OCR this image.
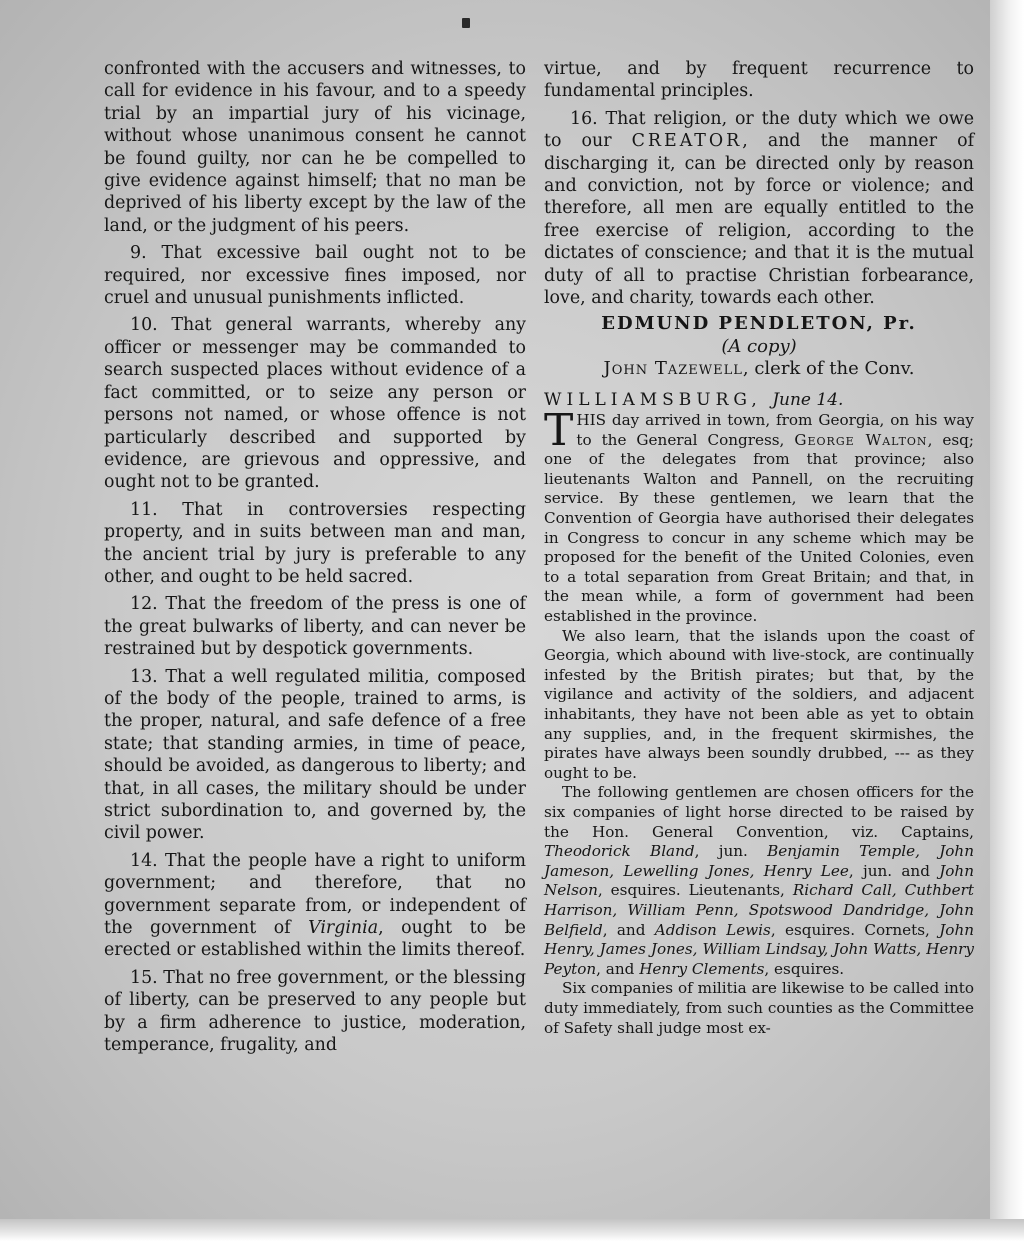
confronted with the accusers and witnesses, to call for evidence in his favour, and to a speedy trial by an impartial jury of his vicinage, without whose unanimous consent he cannot be found guilty, nor can he be compelled to give evidence against himself; that no man be deprived of his liberty except by the law of the land, or the judgment of his peers.

9. That excessive bail ought not to be required, nor excessive fines imposed, nor cruel and unusual punishments inflicted.

10. That general warrants, whereby any officer or messenger may be commanded to search suspected places without evidence of a fact committed, or to seize any person or persons not named, or whose offence is not particularly described and supported by evidence, are grievous and oppressive, and ought not to be granted.

11. That in controversies respecting property, and in suits between man and man, the ancient trial by jury is preferable to any other, and ought to be held sacred.

12. That the freedom of the press is one of the great bulwarks of liberty, and can never be restrained but by despotick governments.

13. That a well regulated militia, composed of the body of the people, trained to arms, is the proper, natural, and safe defence of a free state; that standing armies, in time of peace, should be avoided, as dangerous to liberty; and that, in all cases, the military should be under strict subordination to, and governed by, the civil power.

14. That the people have a right to uniform government; and therefore, that no government separate from, or independent of the government of Virginia, ought to be erected or established within the limits thereof.

15. That no free government, or the blessing of liberty, can be preserved to any people but by a firm adherence to justice, moderation, temperance, frugality, and

virtue, and by frequent recurrence to fundamental principles.

16. That religion, or the duty which we owe to our CREATOR, and the manner of discharging it, can be directed only by reason and conviction, not by force or violence; and therefore, all men are equally entitled to the free exercise of religion, according to the dictates of conscience; and that it is the mutual duty of all to practise Christian forbearance, love, and charity, towards each other.

EDMUND PENDLETON, Pr.
(A copy)
John Tazewell, clerk of the Conv.
WILLIAMSBURG, June 14.

THIS day arrived in town, from Georgia, on his way to the General Congress, George Walton, esq; one of the delegates from that province; also lieutenants Walton and Pannell, on the recruiting service. By these gentlemen, we learn that the Convention of Georgia have authorised their delegates in Congress to concur in any scheme which may be proposed for the benefit of the United Colonies, even to a total separation from Great Britain; and that, in the mean while, a form of government had been established in the province.

We also learn, that the islands upon the coast of Georgia, which abound with live-stock, are continually infested by the British pirates; but that, by the vigilance and activity of the soldiers, and adjacent inhabitants, they have not been able as yet to obtain any supplies, and, in the frequent skirmishes, the pirates have always been soundly drubbed, --- as they ought to be.

The following gentlemen are chosen officers for the six companies of light horse directed to be raised by the Hon. General Convention, viz. Captains, Theodorick Bland, jun. Benjamin Temple, John Jameson, Lewelling Jones, Henry Lee, jun. and John Nelson, esquires. Lieutenants, Richard Call, Cuthbert Harrison, William Penn, Spotswood Dandridge, John Belfield, and Addison Lewis, esquires. Cornets, John Henry, James Jones, William Lindsay, John Watts, Henry Peyton, and Henry Clements, esquires.

Six companies of militia are likewise to be called into duty immediately, from such counties as the Committee of Safety shall judge most ex-
